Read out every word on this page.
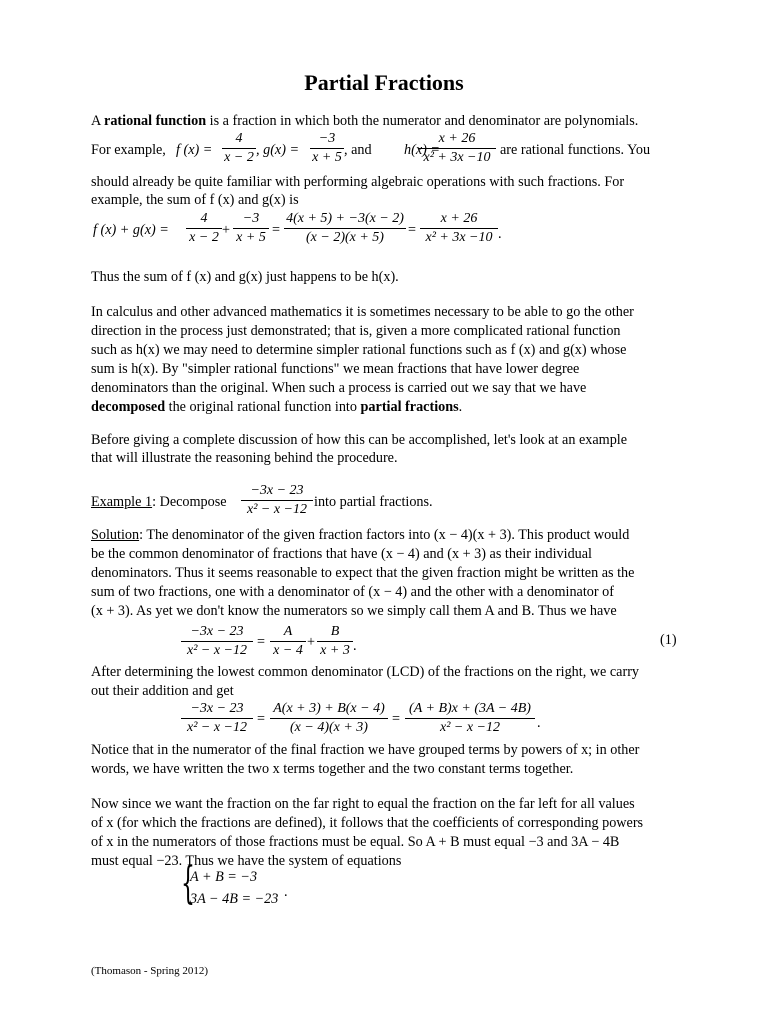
Partial Fractions
A rational function is a fraction in which both the numerator and denominator are polynomials.
For example, f $(x) = \frac{4}{x - 2}$ , $g(x) = \frac{-3}{x + 5}$ , and h(x) =
$\frac{x + 26}{\text{x² + 3x −10}}$ are rational functions. You
should already be quite familiar with performing algebraic operations with such fractions. For
example, the sum of f (x) and g(x) is
f $(x) + g(x) = \frac{4}{x - 2} + \frac{-3}{x + 5} = \frac{4(x + 5) + -3(x - 2)}{(x - 2)(x + 5)} = \frac{x + 26}{\text{x² + 3x −10}}$ .
Thus the sum of f (x) and g(x) just happens to be h(x).
In calculus and other advanced mathematics it is sometimes necessary to be able to go the other
direction in the process just demonstrated; that is, given a more complicated rational function
such as h(x) we may need to determine simpler rational functions such as f (x) and g(x) whose
sum is h(x). By "simpler rational functions" we mean fractions that have lower degree
denominators than the original. When such a process is carried out we say that we have
decomposed the original rational function into partial fractions.
Before giving a complete discussion of how this can be accomplished, let's look at an example
that will illustrate the reasoning behind the procedure.
Example 1: Decompose $\frac{-3x - 23}{\text{x² − x −12}}$ into partial fractions.
Solution: The denominator of the given fraction factors into (x − 4)(x + 3). This product would
be the common denominator of fractions that have (x − 4) and (x + 3) as their individual
denominators. Thus it seems reasonable to expect that the given fraction might be written as the
sum of two fractions, one with a denominator of (x − 4) and the other with a denominator of
(x + 3). As yet we don't know the numerators so we simply call them A and B. Thus we have
$\frac{-3x - 23}{\text{x² − x −12}} = \frac{A}{x - 4} + \frac{B}{x + 3}$ .	(1)
After determining the lowest common denominator (LCD) of the fractions on the right, we carry
out their addition and get
$\frac{-3x - 23}{\text{x² − x −12}} = \frac{A(x + 3) + B(x - 4)}{(x - 4)(x + 3)} = \frac{(A + B)x + (3A - 4B)}{\text{x² − x −12}}$ .
Notice that in the numerator of the final fraction we have grouped terms by powers of x; in other
words, we have written the two x terms together and the two constant terms together.
Now since we want the fraction on the far right to equal the fraction on the far left for all values
of x (for which the fractions are defined), it follows that the coefficients of corresponding powers
of x in the numerators of those fractions must be equal. So A + B must equal −3 and 3A − 4B
must equal −23. Thus we have the system of equations
{
A + B = −3
3A − 4B = −23 .
(Thomason - Spring 2012)
